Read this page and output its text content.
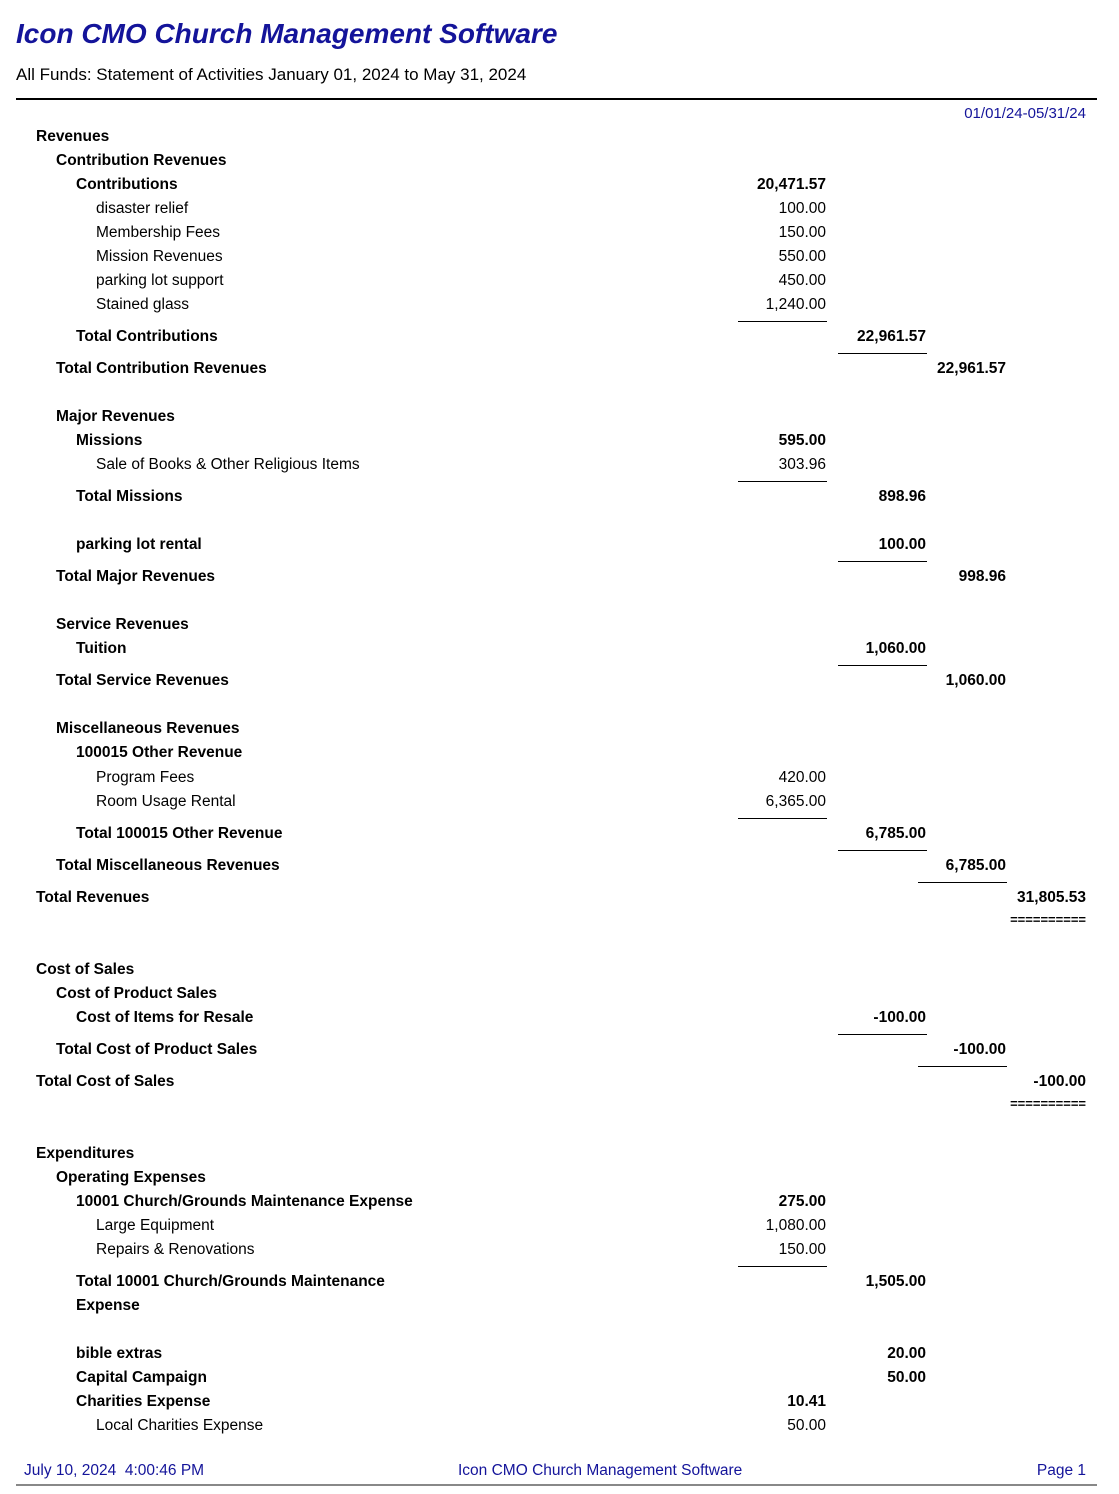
Icon CMO Church Management Software
All Funds: Statement of Activities January 01, 2024 to May 31, 2024
01/01/24-05/31/24
Revenues
Contribution Revenues
Contributions	20,471.57
disaster relief	100.00
Membership Fees	150.00
Mission Revenues	550.00
parking lot support	450.00
Stained glass	1,240.00
Total Contributions	22,961.57
Total Contribution Revenues	22,961.57
Major Revenues
Missions	595.00
Sale of Books & Other Religious Items	303.96
Total Missions	898.96
parking lot rental	100.00
Total Major Revenues	998.96
Service Revenues
Tuition	1,060.00
Total Service Revenues	1,060.00
Miscellaneous Revenues
100015 Other Revenue
Program Fees	420.00
Room Usage Rental	6,365.00
Total 100015 Other Revenue	6,785.00
Total Miscellaneous Revenues	6,785.00
Total Revenues	31,805.53
Cost of Sales
Cost of Product Sales
Cost of Items for Resale	-100.00
Total Cost of Product Sales	-100.00
Total Cost of Sales	-100.00
Expenditures
Operating Expenses
10001 Church/Grounds Maintenance Expense	275.00
Large Equipment	1,080.00
Repairs & Renovations	150.00
Total 10001 Church/Grounds Maintenance	1,505.00
Expense
bible extras	20.00
Capital Campaign	50.00
Charities Expense	10.41
Local Charities Expense	50.00
==========
==========
July 10, 2024  4:00:46 PM	Icon CMO Church Management Software	Page 1
